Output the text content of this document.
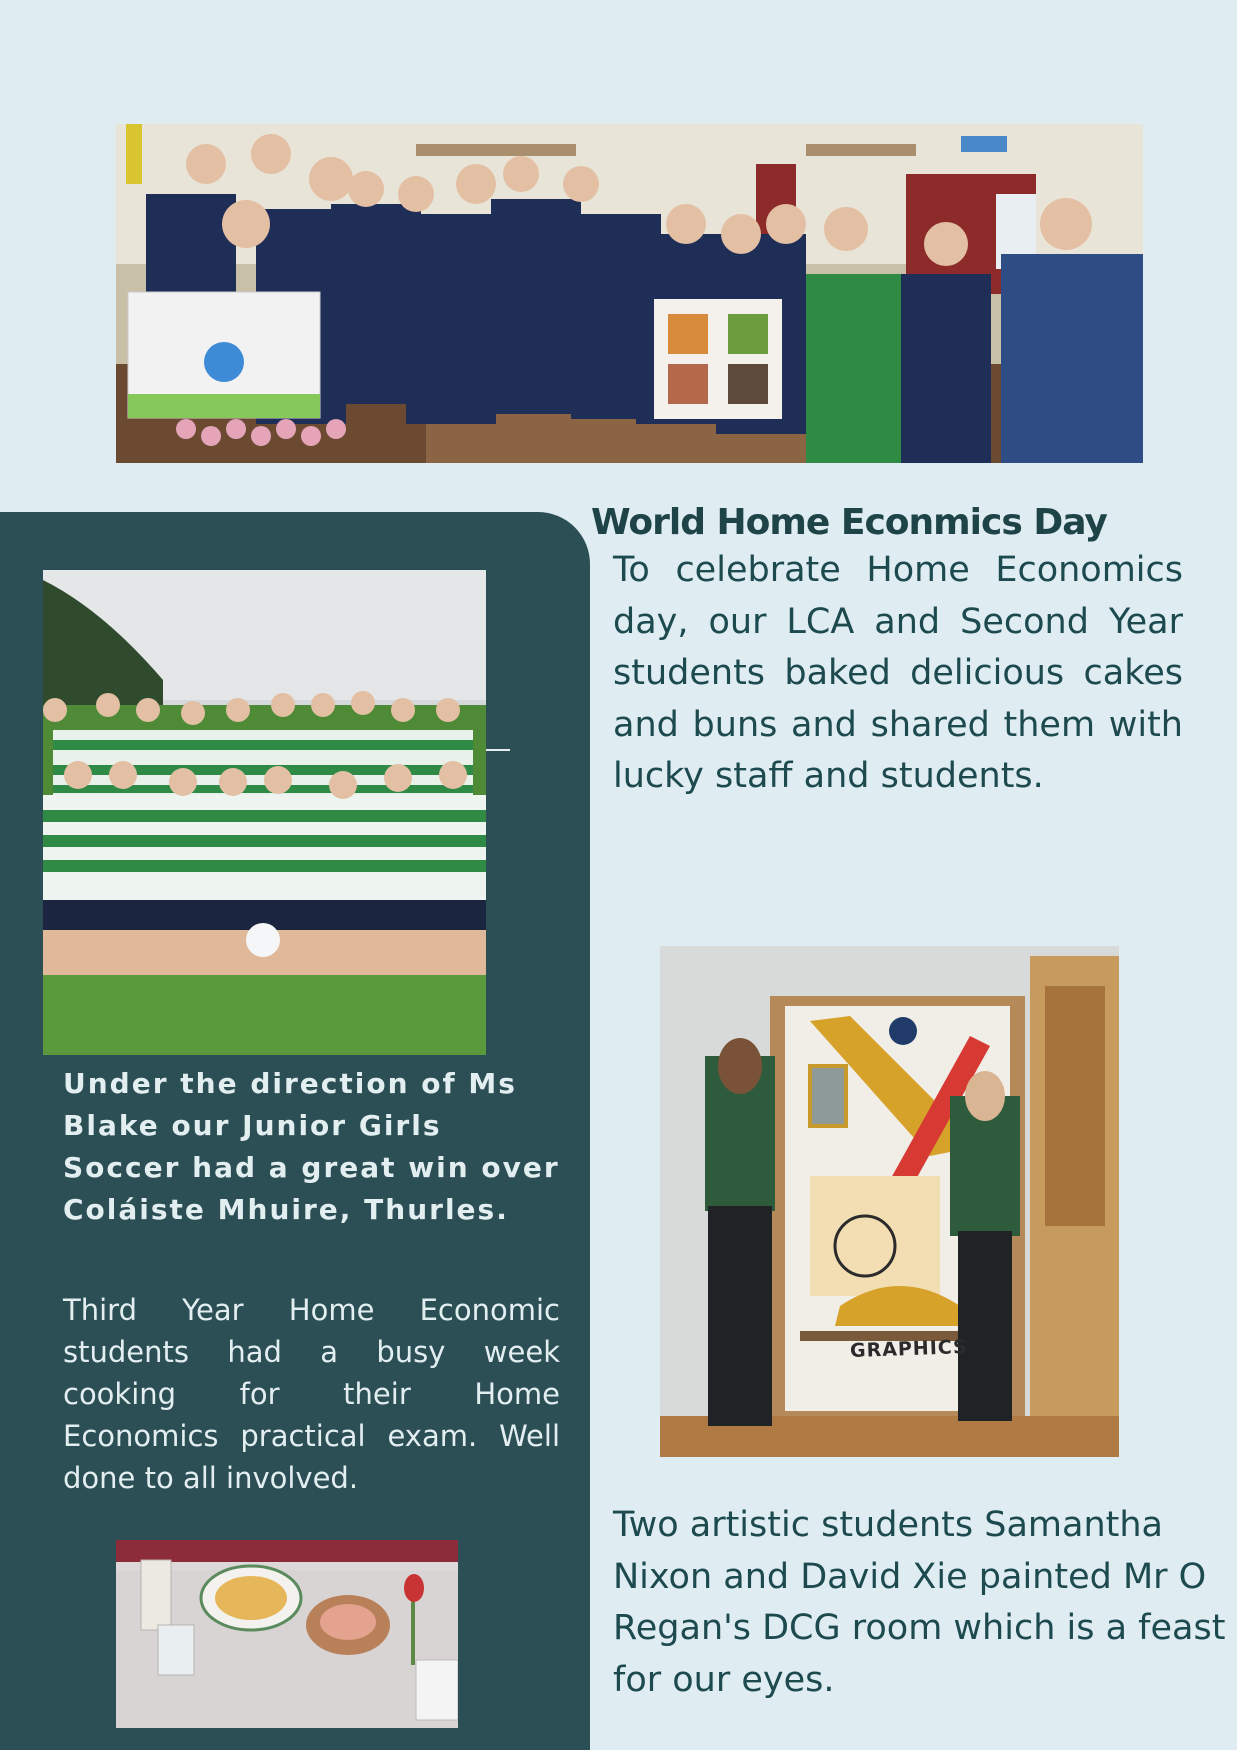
Under the direction of Ms Blake our Junior Girls Soccer had a great win over Coláiste Mhuire, Thurles.
Third Year Home Economic students had a busy week cooking for their Home Economics practical exam. Well done to all involved.
World Home Econmics Day
To celebrate Home Economics day, our LCA and Second Year students baked delicious cakes and buns and shared them with lucky staff and students.
GRAPHICS
Two artistic students Samantha Nixon and David Xie painted Mr O Regan's DCG room which is a feast for our eyes.
